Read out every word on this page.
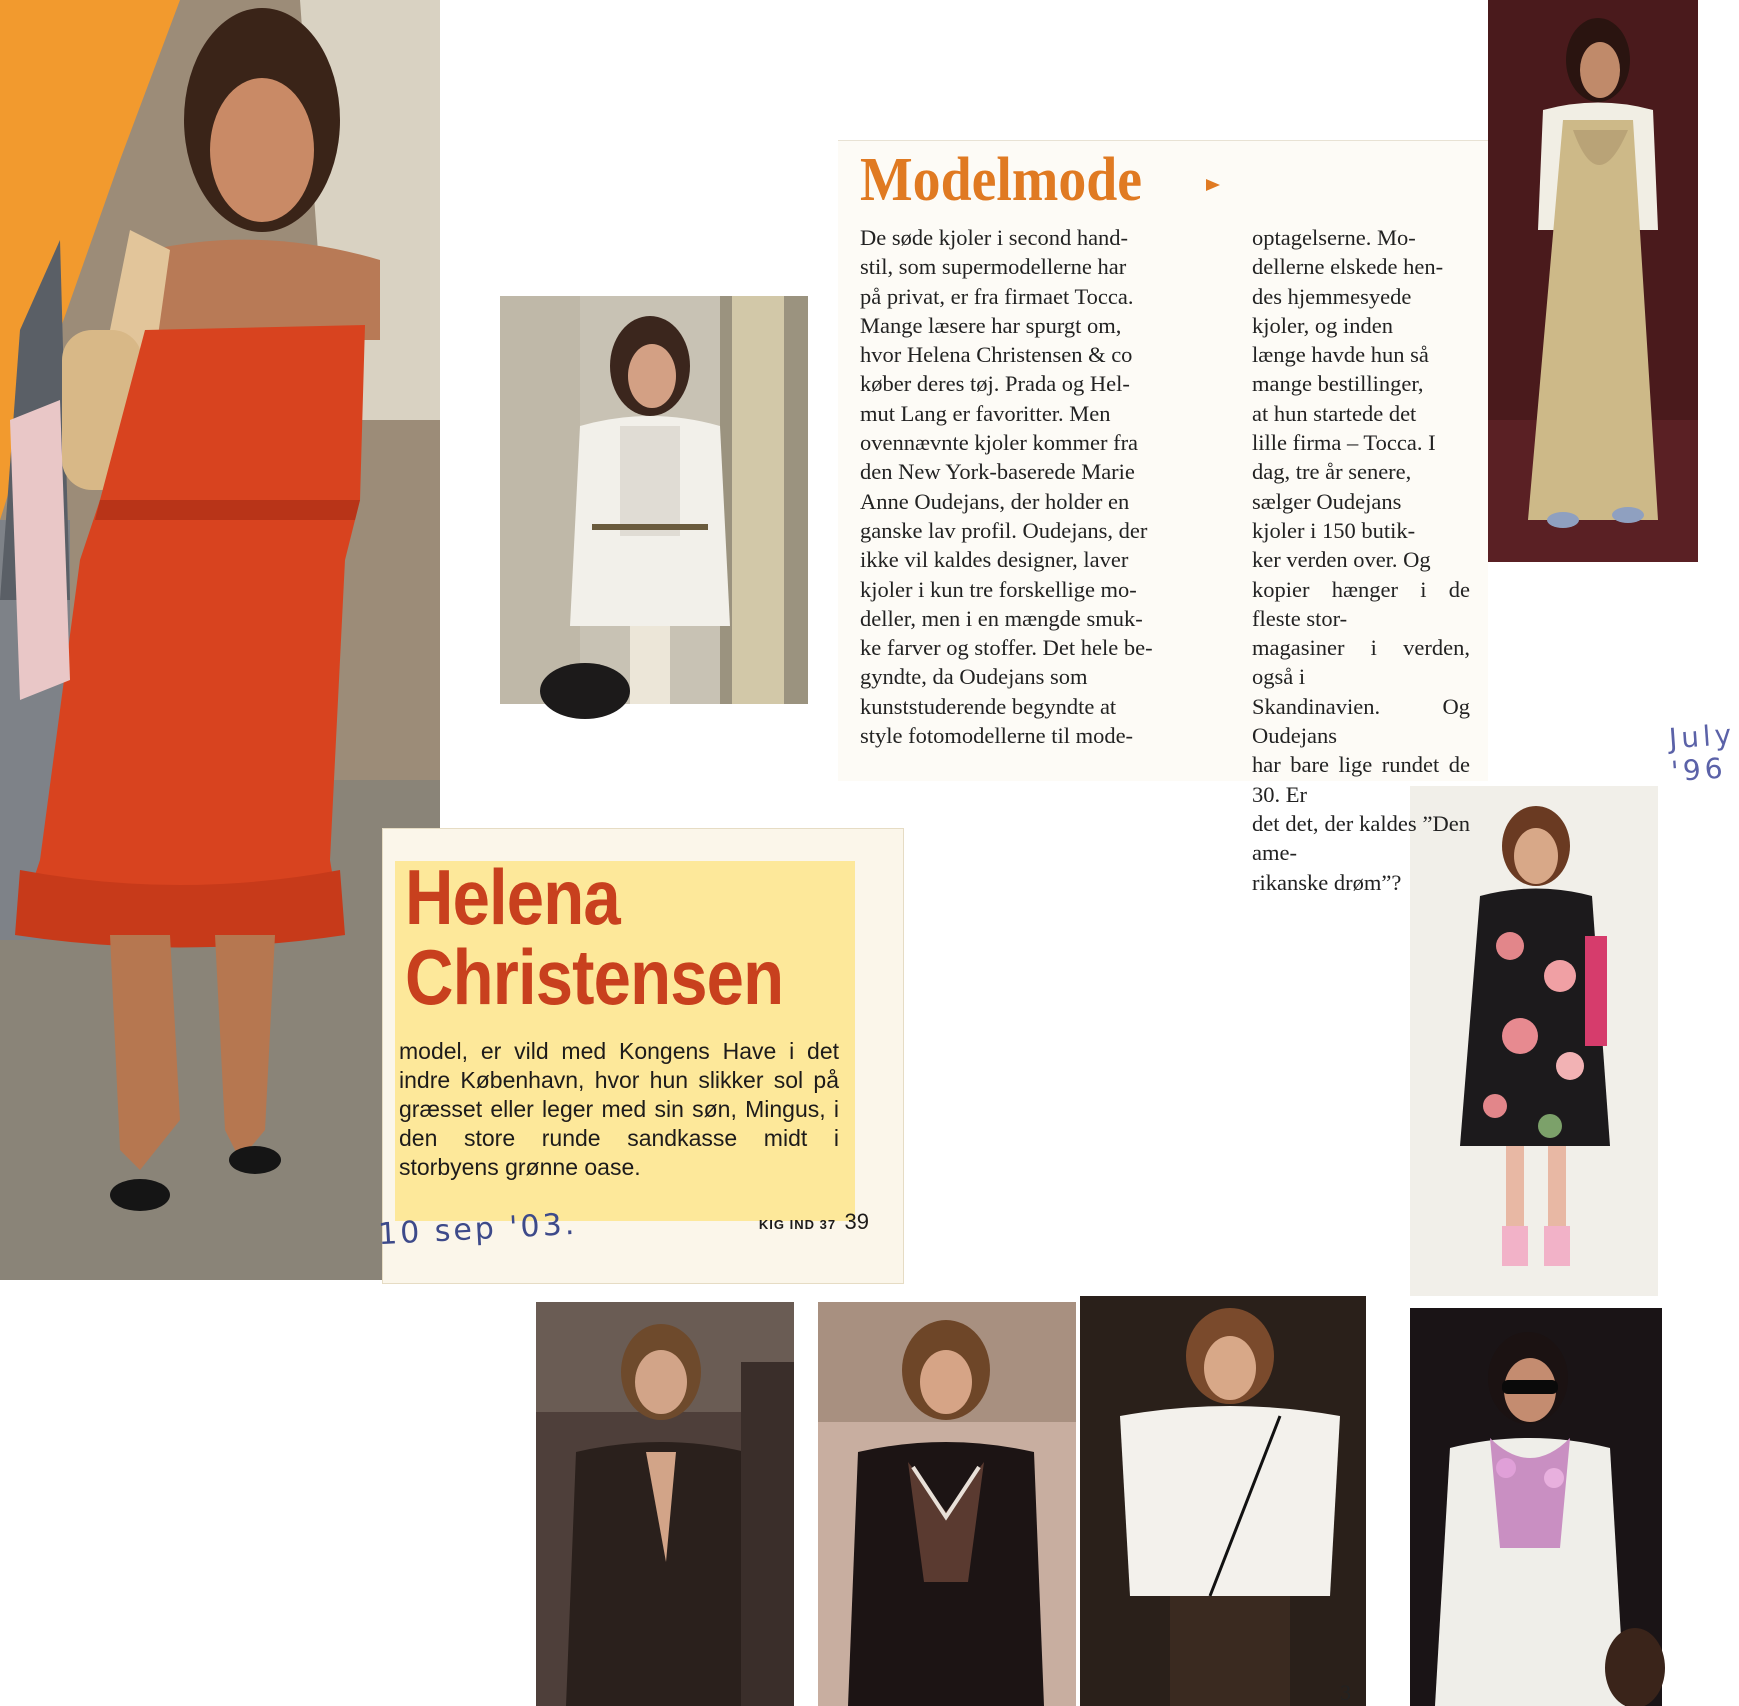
Helena
Christensen

model, er vild med Kongens Have i det indre København, hvor hun slikker sol på græsset eller leger med sin søn, Mingus, i den store runde sandkasse midt i storbyens grønne oase.

KIG IND 37 39
10 sep '03.
Modelmode

De søde kjoler i second hand-
stil, som supermodellerne har
på privat, er fra firmaet Tocca.
Mange læsere har spurgt om,
hvor Helena Christensen & co
køber deres tøj. Prada og Hel-
mut Lang er favoritter. Men
ovennævnte kjoler kommer fra
den New York-baserede Marie
Anne Oudejans, der holder en
ganske lav profil. Oudejans, der
ikke vil kaldes designer, laver
kjoler i kun tre forskellige mo-
deller, men i en mængde smuk-
ke farver og stoffer. Det hele be-
gyndte, da Oudejans som
kunststuderende begyndte at
style fotomodellerne til mode-

optagelserne. Mo-
dellerne elskede hen-
des hjemmesyede
kjoler, og inden
længe havde hun så
mange bestillinger,
at hun startede det
lille firma – Tocca. I
dag, tre år senere,
sælger Oudejans
kjoler i 150 butik-
ker verden over. Og
kopier hænger i de fleste stor-
magasiner i verden, også i
Skandinavien. Og Oudejans
har bare lige rundet de 30. Er
det det, der kaldes ”Den ame-
rikanske drøm”?

July '96
3
